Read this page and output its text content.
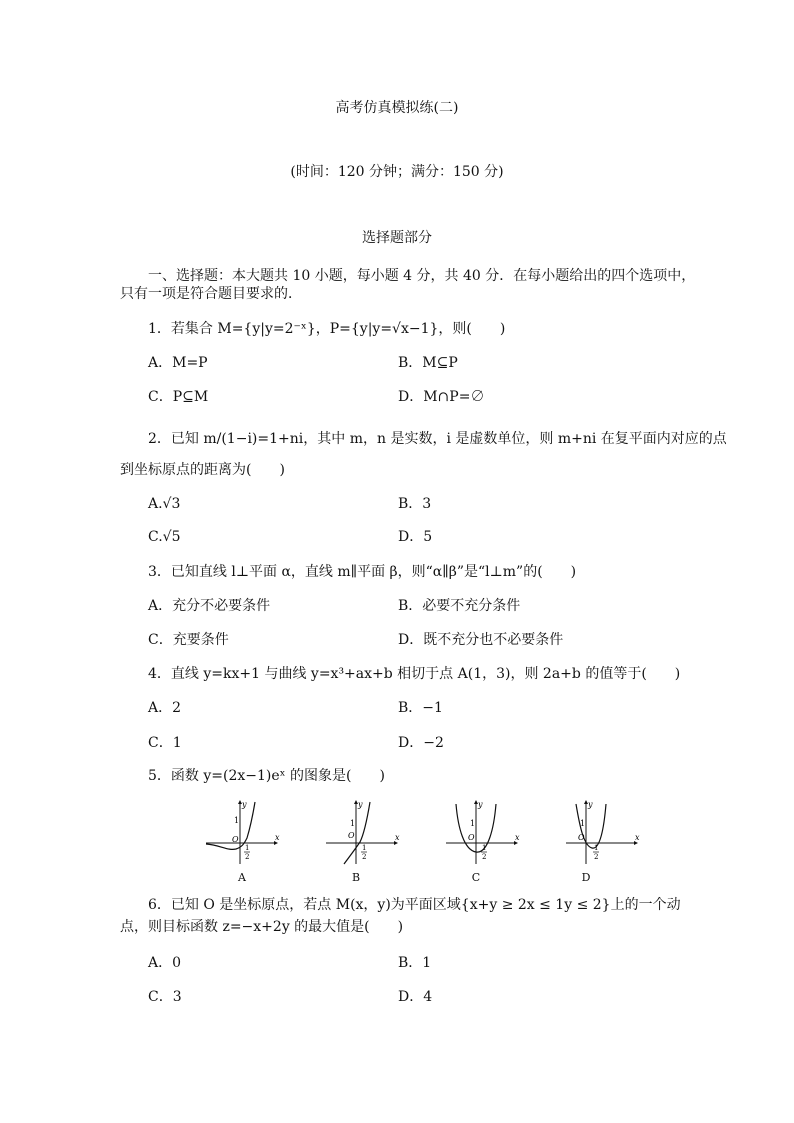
高考仿真模拟练(二)
(时间：120 分钟；满分：150 分)
选择题部分
一、选择题：本大题共 10 小题，每小题 4 分，共 40 分．在每小题给出的四个选项中，
只有一项是符合题目要求的．
1．若集合 M={y|y=2⁻ˣ}，P={y|y=√x−1}，则(　　)
A．M=P	B．M⊆P
C．P⊆M	D．M∩P=∅
2．已知 m/(1−i)=1+ni，其中 m，n 是实数，i 是虚数单位，则 m+ni 在复平面内对应的点
到坐标原点的距离为(　　)
A.√3	B．3
C.√5	D．5
3．已知直线 l⊥平面 α，直线 m∥平面 β，则“α∥β”是“l⊥m”的(　　)
A．充分不必要条件	B．必要不充分条件
C．充要条件	D．既不充分也不必要条件
4．直线 y=kx+1 与曲线 y=x³+ax+b 相切于点 A(1，3)，则 2a+b 的值等于(　　)
A．2	B．−1
C．1	D．−2
5．函数 y=(2x−1)eˣ 的图象是(　　)
y
x
O
1
1
2
A
y
x
O
1
1
2
B
y
x
O
1
1
2
C
y
x
O
1
1
2
D
6．已知 O 是坐标原点，若点 M(x，y)为平面区域{x+y ≥ 2x ≤ 1y ≤ 2}上的一个动
点，则目标函数 z=−x+2y 的最大值是(　　)
A．0	B．1
C．3	D．4
